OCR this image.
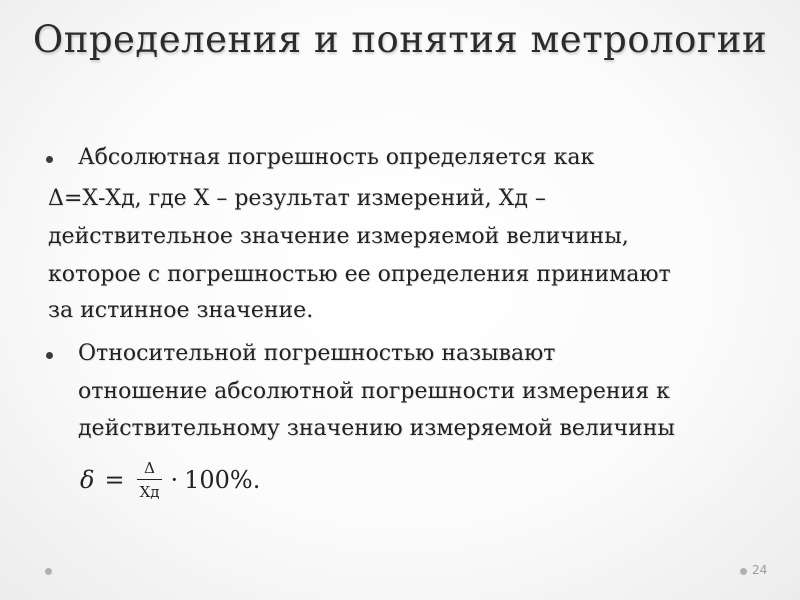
Определения и понятия метрологии
Абсолютная погрешность определяется как
Δ=Х-Хд, где Х – результат измерений, Хд –
действительное значение измеряемой величины,
которое с погрешностью ее определения принимают
за истинное значение.
Относительной погрешностью называют
отношение абсолютной погрешности измерения к
действительному значению измеряемой величины
$\delta = \frac{\Delta}{Хд} \cdot 100\%$.
24
